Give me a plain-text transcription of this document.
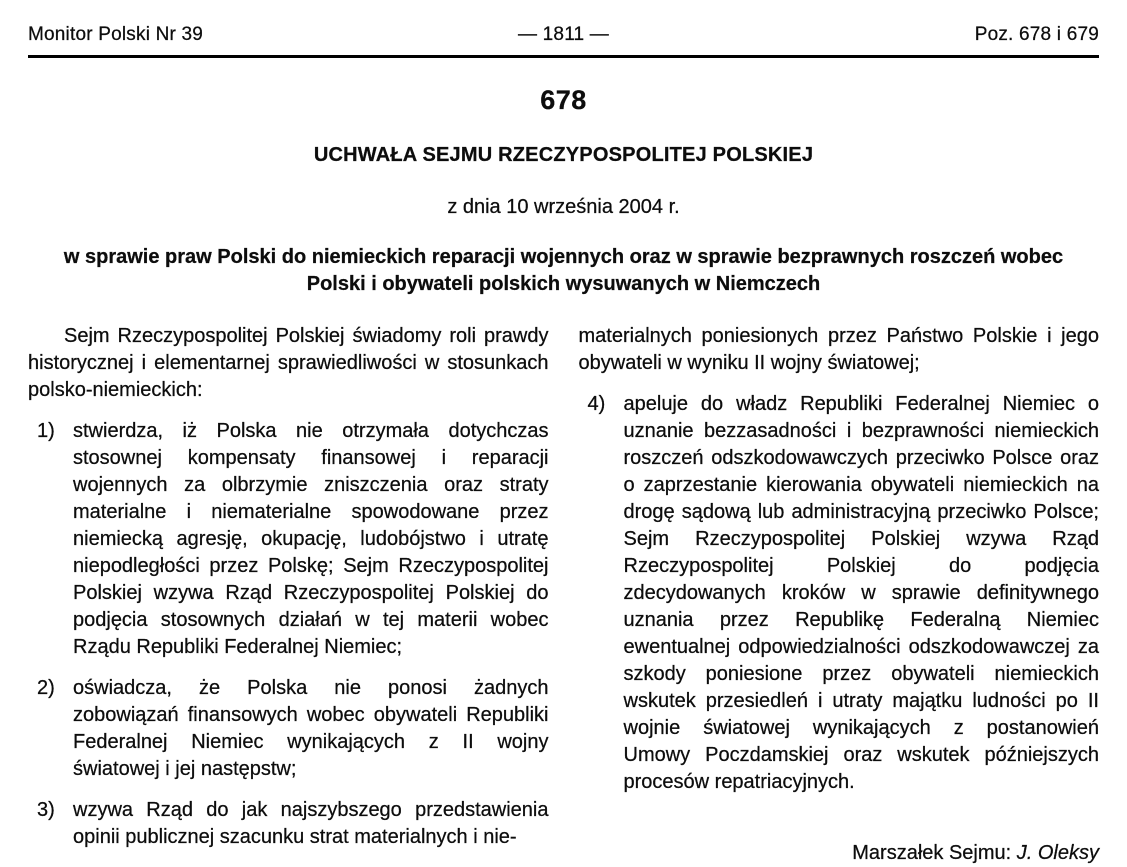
Monitor Polski Nr 39	— 1811 —	Poz. 678 i 679
678
UCHWAŁA SEJMU RZECZYPOSPOLITEJ POLSKIEJ
z dnia 10 września 2004 r.
w sprawie praw Polski do niemieckich reparacji wojennych oraz w sprawie bezprawnych roszczeń wobec
Polski i obywateli polskich wysuwanych w Niemczech

Sejm Rzeczypospolitej Polskiej świadomy roli prawdy historycznej i elementarnej sprawiedliwości w stosunkach polsko-niemieckich:

1) stwierdza, iż Polska nie otrzymała dotychczas stosownej kompensaty finansowej i reparacji wojennych za olbrzymie zniszczenia oraz straty materialne i niematerialne spowodowane przez niemiecką agresję, okupację, ludobójstwo i utratę niepodległości przez Polskę; Sejm Rzeczypospolitej Polskiej wzywa Rząd Rzeczypospolitej Polskiej do podjęcia stosownych działań w tej materii wobec Rządu Republiki Federalnej Niemiec;
2) oświadcza, że Polska nie ponosi żadnych zobowiązań finansowych wobec obywateli Republiki Federalnej Niemiec wynikających z II wojny światowej i jej następstw;
3) wzywa Rząd do jak najszybszego przedstawienia opinii publicznej szacunku strat materialnych i nie-

materialnych poniesionych przez Państwo Polskie i jego obywateli w wyniku II wojny światowej;

4) apeluje do władz Republiki Federalnej Niemiec o uznanie bezzasadności i bezprawności niemieckich roszczeń odszkodowawczych przeciwko Polsce oraz o zaprzestanie kierowania obywateli niemieckich na drogę sądową lub administracyjną przeciwko Polsce; Sejm Rzeczypospolitej Polskiej wzywa Rząd Rzeczypospolitej Polskiej do podjęcia zdecydowanych kroków w sprawie definitywnego uznania przez Republikę Federalną Niemiec ewentualnej odpowiedzialności odszkodowawczej za szkody poniesione przez obywateli niemieckich wskutek przesiedleń i utraty majątku ludności po II wojnie światowej wynikających z postanowień Umowy Poczdamskiej oraz wskutek późniejszych procesów repatriacyjnych.
Marszałek Sejmu: J. Oleksy
